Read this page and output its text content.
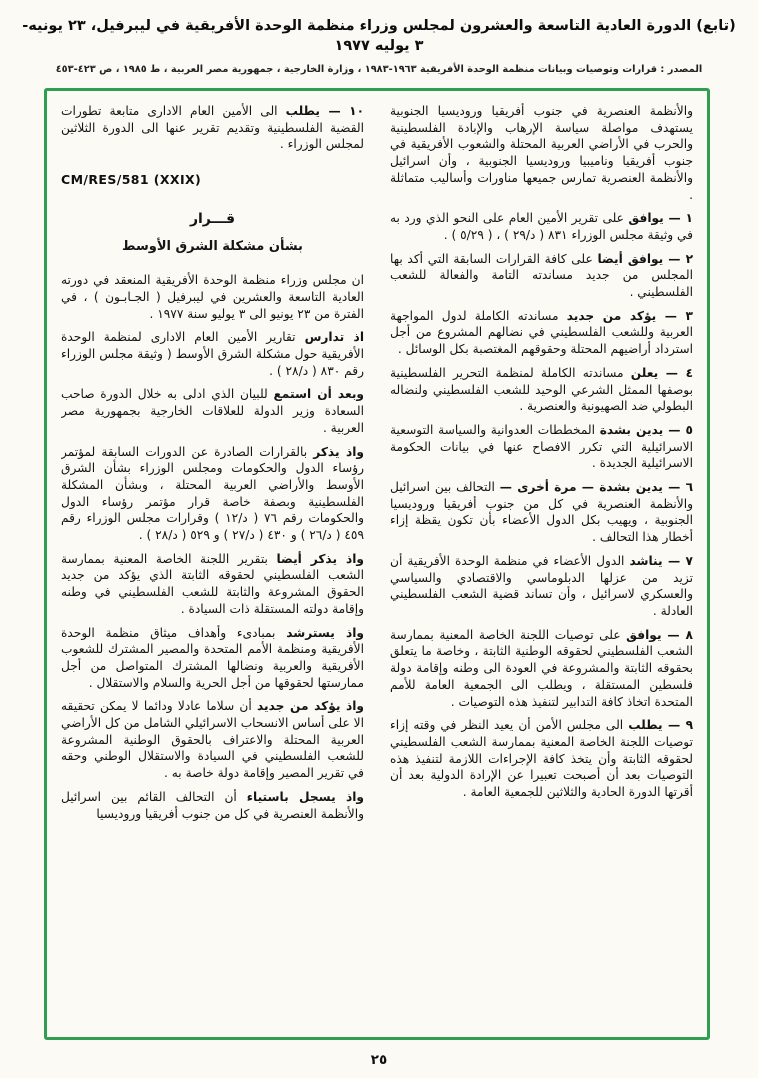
(تابع) الدورة العادية التاسعة والعشرون لمجلس وزراء منظمة الوحدة الأفريقية في ليبرفيل، ٢٣ يونيه- ٣ يوليه ١٩٧٧
المصدر : قرارات وتوصيات وبيانات منظمة الوحدة الأفريقية ١٩٦٣-١٩٨٣ ، وزارة الخارجية ، جمهورية مصر العربية ، ط ١٩٨٥ ، ص ٤٢٣-٤٥٣

والأنظمة العنصرية في جنوب أفريقيا وروديسيا الجنوبية يستهدف مواصلة سياسة الإرهاب والإبادة الفلسطينية والحرب في الأراضي العربية المحتلة والشعوب الأفريقية في جنوب أفريقيا وناميبيا وروديسيا الجنوبية ، وأن اسرائيل والأنظمة العنصرية تمارس جميعها مناورات وأساليب متماثلة .

١ — يوافق على تقرير الأمين العام على النحو الذي ورد به في وثيقة مجلس الوزراء ٨٣١ ( د/٢٩ ) ، ( ٥/٢٩ ) .

٢ — يوافق أيضا على كافة القرارات السابقة التي أكد بها المجلس من جديد مساندته التامة والفعالة للشعب الفلسطيني .

٣ — يؤكد من جديد مساندته الكاملة لدول المواجهة العربية وللشعب الفلسطيني في نضالهم المشروع من أجل استرداد أراضيهم المحتلة وحقوقهم المغتصبة بكل الوسائل .

٤ — يعلن مساندته الكاملة لمنظمة التحرير الفلسطينية بوصفها الممثل الشرعي الوحيد للشعب الفلسطيني ولنضاله البطولي ضد الصهيونية والعنصرية .

٥ — يدين بشدة المخططات العدوانية والسياسة التوسعية الاسرائيلية التي تكرر الافصاح عنها في بيانات الحكومة الاسرائيلية الجديدة .

٦ — يدين بشدة — مرة أخرى — التحالف بين اسرائيل والأنظمة العنصرية في كل من جنوب أفريقيا وروديسيا الجنوبية ، ويهيب بكل الدول الأعضاء بأن تكون يقظة إزاء أخطار هذا التحالف .

٧ — يناشد الدول الأعضاء في منظمة الوحدة الأفريقية أن تزيد من عزلها الدبلوماسي والاقتصادي والسياسي والعسكري لاسرائيل ، وأن تساند قضية الشعب الفلسطيني العادلة .

٨ — يوافق على توصيات اللجنة الخاصة المعنية بممارسة الشعب الفلسطيني لحقوقه الوطنية الثابتة ، وخاصة ما يتعلق بحقوقه الثابتة والمشروعة في العودة الى وطنه وإقامة دولة فلسطين المستقلة ، ويطلب الى الجمعية العامة للأمم المتحدة اتخاذ كافة التدابير لتنفيذ هذه التوصيات .

٩ — يطلب الى مجلس الأمن أن يعيد النظر في وقته إزاء توصيات اللجنة الخاصة المعنية بممارسة الشعب الفلسطيني لحقوقه الثابتة وأن يتخذ كافة الإجراءات اللازمة لتنفيذ هذه التوصيات بعد أن أصبحت تعبيرا عن الإرادة الدولية بعد أن أقرتها الدورة الحادية والثلاثين للجمعية العامة .

١٠ — يطلب الى الأمين العام الادارى متابعة تطورات القضية الفلسطينية وتقديم تقرير عنها الى الدورة الثلاثين لمجلس الوزراء .

CM/RES/581 (XXIX)
قـــرار
بشأن مشكلة الشرق الأوسط

ان مجلس وزراء منظمة الوحدة الأفريقية المنعقد في دورته العادية التاسعة والعشرين في ليبرفيل ( الجـابـون ) ، في الفترة من ٢٣ يونيو الى ٣ يوليو سنة ١٩٧٧ .

اذ تدارس تقارير الأمين العام الادارى لمنظمة الوحدة الأفريقية حول مشكلة الشرق الأوسط ( وثيقة مجلس الوزراء رقم ٨٣٠ ( د/٢٨ ) .

وبعد أن استمع للبيان الذي ادلى به خلال الدورة صاحب السعادة وزير الدولة للعلاقات الخارجية بجمهورية مصر العربية .

واذ يذكر بالقرارات الصادرة عن الدورات السابقة لمؤتمر رؤساء الدول والحكومات ومجلس الوزراء بشأن الشرق الأوسط والأراضي العربية المحتلة ، وبشأن المشكلة الفلسطينية وبصفة خاصة قرار مؤتمر رؤساء الدول والحكومات رقم ٧٦ ( د/١٢ ) وقرارات مجلس الوزراء رقم ٤٥٩ ( د/٢٦ ) و ٤٣٠ ( د/٢٧ ) و ٥٢٩ ( د/٢٨ ) .

واذ يذكر أيضا بتقرير اللجنة الخاصة المعنية بممارسة الشعب الفلسطيني لحقوقه الثابتة الذي يؤكد من جديد الحقوق المشروعة والثابتة للشعب الفلسطيني في وطنه وإقامة دولته المستقلة ذات السيادة .

واذ يسترشد بمبادىء وأهداف ميثاق منظمة الوحدة الأفريقية ومنظمة الأمم المتحدة والمصير المشترك للشعوب الأفريقية والعربية ونضالها المشترك المتواصل من أجل ممارستها لحقوقها من أجل الحرية والسلام والاستقلال .

واذ يؤكد من جديد أن سلاما عادلا ودائما لا يمكن تحقيقه الا على أساس الانسحاب الاسرائيلي الشامل من كل الأراضي العربية المحتلة والاعتراف بالحقوق الوطنية المشروعة للشعب الفلسطيني في السيادة والاستقلال الوطني وحقه في تقرير المصير وإقامة دولة خاصة به .

واذ يسجل باستياء أن التحالف القائم بين اسرائيل والأنظمة العنصرية في كل من جنوب أفريقيا وروديسيا

٢٥
